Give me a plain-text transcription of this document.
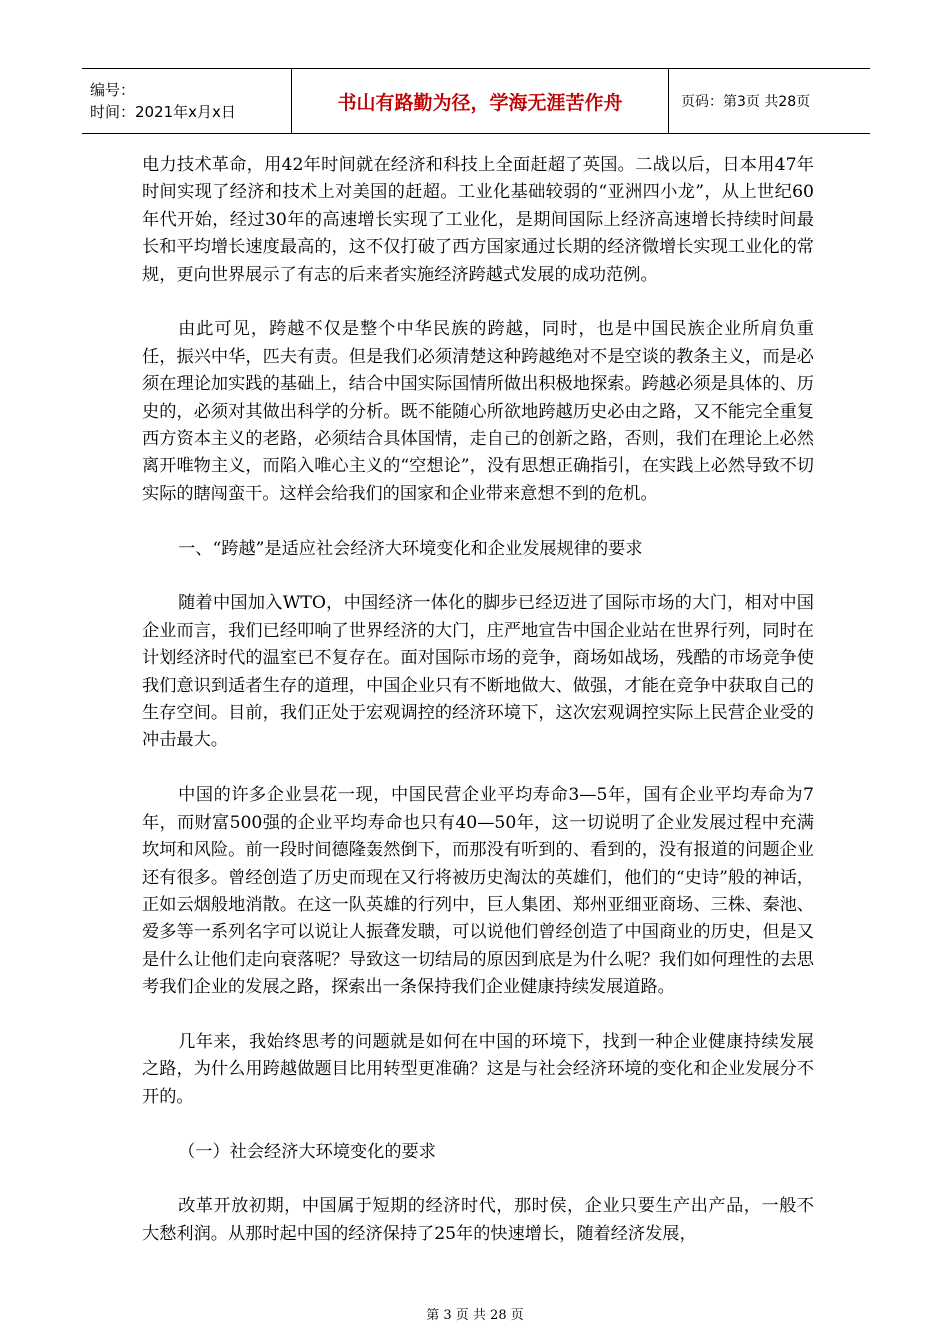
编号：
时间：2021年x月x日	书山有路勤为径，学海无涯苦作舟	页码：第3页 共28页

电力技术革命，用42年时间就在经济和科技上全面赶超了英国。二战以后，日本用47年时间实现了经济和技术上对美国的赶超。工业化基础较弱的“亚洲四小龙”，从上世纪60年代开始，经过30年的高速增长实现了工业化，是期间国际上经济高速增长持续时间最长和平均增长速度最高的，这不仅打破了西方国家通过长期的经济微增长实现工业化的常规，更向世界展示了有志的后来者实施经济跨越式发展的成功范例。

由此可见，跨越不仅是整个中华民族的跨越，同时，也是中国民族企业所肩负重任，振兴中华，匹夫有责。但是我们必须清楚这种跨越绝对不是空谈的教条主义，而是必须在理论加实践的基础上，结合中国实际国情所做出积极地探索。跨越必须是具体的、历史的，必须对其做出科学的分析。既不能随心所欲地跨越历史必由之路，又不能完全重复西方资本主义的老路，必须结合具体国情，走自己的创新之路，否则，我们在理论上必然离开唯物主义，而陷入唯心主义的“空想论”，没有思想正确指引，在实践上必然导致不切实际的瞎闯蛮干。这样会给我们的国家和企业带来意想不到的危机。

一、“跨越”是适应社会经济大环境变化和企业发展规律的要求

随着中国加入WTO，中国经济一体化的脚步已经迈进了国际市场的大门，相对中国企业而言，我们已经叩响了世界经济的大门，庄严地宣告中国企业站在世界行列，同时在计划经济时代的温室已不复存在。面对国际市场的竞争，商场如战场，残酷的市场竞争使我们意识到适者生存的道理，中国企业只有不断地做大、做强，才能在竞争中获取自己的生存空间。目前，我们正处于宏观调控的经济环境下，这次宏观调控实际上民营企业受的冲击最大。

中国的许多企业昙花一现，中国民营企业平均寿命3—5年，国有企业平均寿命为7年，而财富500强的企业平均寿命也只有40—50年，这一切说明了企业发展过程中充满坎坷和风险。前一段时间德隆轰然倒下，而那没有听到的、看到的，没有报道的问题企业还有很多。曾经创造了历史而现在又行将被历史淘汰的英雄们，他们的“史诗”般的神话，正如云烟般地消散。在这一队英雄的行列中，巨人集团、郑州亚细亚商场、三株、秦池、爱多等一系列名字可以说让人振聋发聩，可以说他们曾经创造了中国商业的历史，但是又是什么让他们走向衰落呢？导致这一切结局的原因到底是为什么呢？我们如何理性的去思考我们企业的发展之路，探索出一条保持我们企业健康持续发展道路。

几年来，我始终思考的问题就是如何在中国的环境下，找到一种企业健康持续发展之路，为什么用跨越做题目比用转型更准确？这是与社会经济环境的变化和企业发展分不开的。

（一）社会经济大环境变化的要求

改革开放初期，中国属于短期的经济时代，那时侯，企业只要生产出产品，一般不大愁利润。从那时起中国的经济保持了25年的快速增长，随着经济发展，

第 3 页 共 28 页
